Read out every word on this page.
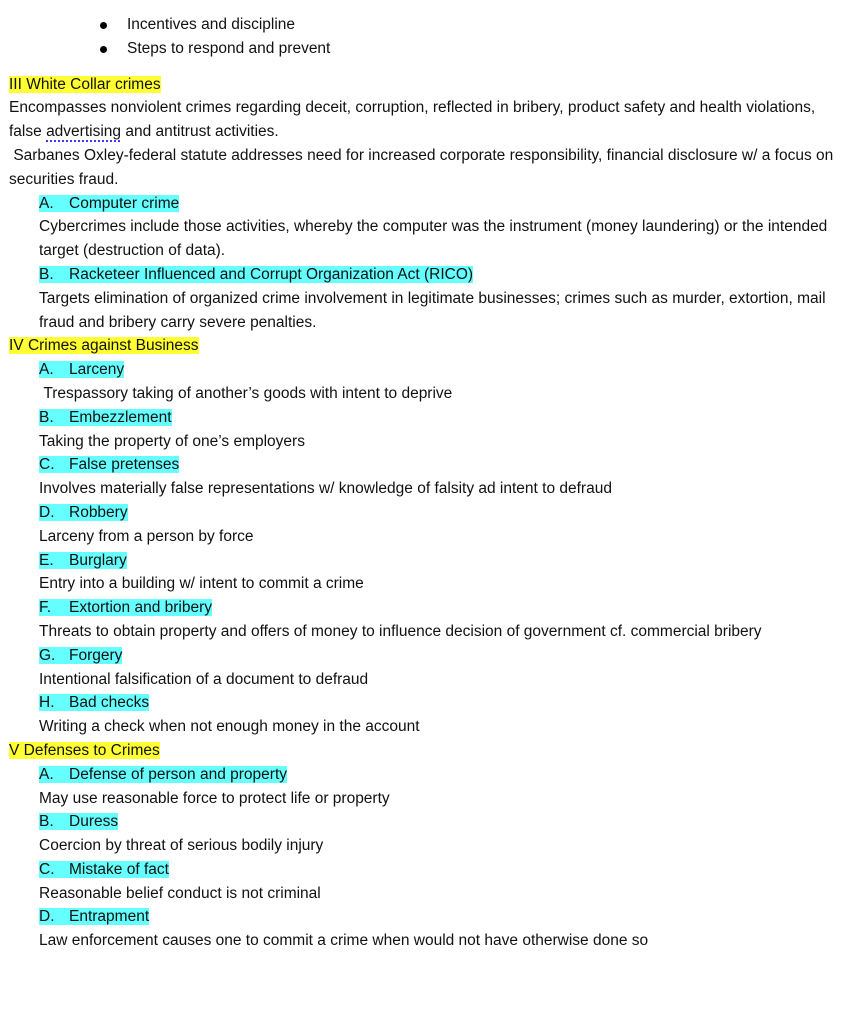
Incentives and discipline
Steps to respond and prevent
III White Collar crimes

Encompasses nonviolent crimes regarding deceit, corruption, reflected in bribery, product safety and health violations, false advertising and antitrust activities.

Sarbanes Oxley-federal statute addresses need for increased corporate responsibility, financial disclosure w/ a focus on securities fraud.

A. Computer crime

Cybercrimes include those activities, whereby the computer was the instrument (money laundering) or the intended target (destruction of data).

B. Racketeer Influenced and Corrupt Organization Act (RICO)

Targets elimination of organized crime involvement in legitimate businesses; crimes such as murder, extortion, mail fraud and bribery carry severe penalties.

IV Crimes against Business
A. Larceny

Trespassory taking of another’s goods with intent to deprive

B. Embezzlement

Taking the property of one’s employers

C. False pretenses

Involves materially false representations w/ knowledge of falsity ad intent to defraud

D. Robbery

Larceny from a person by force

E. Burglary

Entry into a building w/ intent to commit a crime

F. Extortion and bribery

Threats to obtain property and offers of money to influence decision of government cf. commercial bribery

G. Forgery

Intentional falsification of a document to defraud

H. Bad checks

Writing a check when not enough money in the account

V Defenses to Crimes
A. Defense of person and property

May use reasonable force to protect life or property

B. Duress

Coercion by threat of serious bodily injury

C. Mistake of fact

Reasonable belief conduct is not criminal

D. Entrapment

Law enforcement causes one to commit a crime when would not have otherwise done so
